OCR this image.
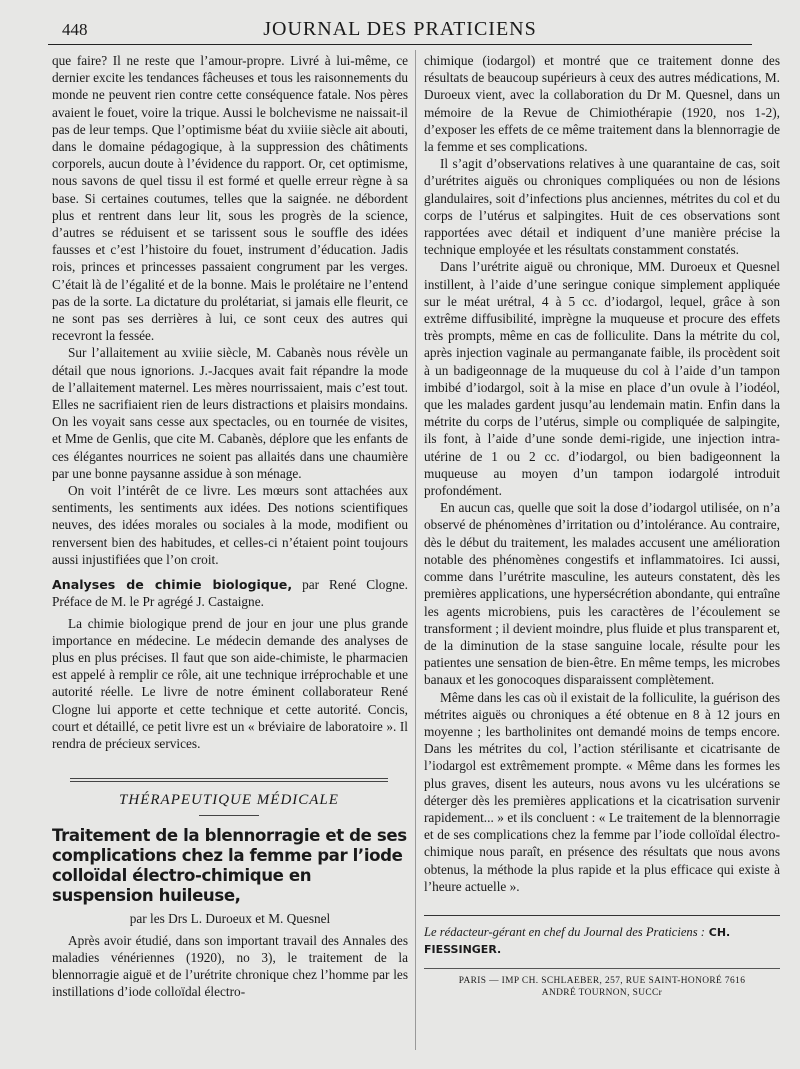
448	JOURNAL DES PRATICIENS

que faire? Il ne reste que l’amour-propre. Livré à lui-même, ce dernier excite les tendances fâcheuses et tous les raisonnements du monde ne peuvent rien contre cette conséquence fatale. Nos pères avaient le fouet, voire la trique. Aussi le bolchevisme ne naissait-il pas de leur temps. Que l’optimisme béat du xviiie siècle ait abouti, dans le domaine pédagogique, à la suppression des châtiments corporels, aucun doute à l’évidence du rapport. Or, cet optimisme, nous savons de quel tissu il est formé et quelle erreur règne à sa base. Si certaines coutumes, telles que la saignée. ne débordent plus et rentrent dans leur lit, sous les progrès de la science, d’autres se réduisent et se tarissent sous le souffle des idées fausses et c’est l’histoire du fouet, instrument d’éducation. Jadis rois, princes et princesses passaient congrument par les verges. C’était là de l’égalité et de la bonne. Mais le prolétaire ne l’entend pas de la sorte. La dictature du prolétariat, si jamais elle fleurit, ce ne sont pas ses derrières à lui, ce sont ceux des autres qui recevront la fessée.

Sur l’allaitement au xviiie siècle, M. Cabanès nous révèle un détail que nous ignorions. J.-Jacques avait fait répandre la mode de l’allaitement maternel. Les mères nourrissaient, mais c’est tout. Elles ne sacrifiaient rien de leurs distractions et plaisirs mondains. On les voyait sans cesse aux spectacles, ou en tournée de visites, et Mme de Genlis, que cite M. Cabanès, déplore que les enfants de ces élégantes nourrices ne soient pas allaités dans une chaumière par une bonne paysanne assidue à son ménage.

On voit l’intérêt de ce livre. Les mœurs sont attachées aux sentiments, les sentiments aux idées. Des notions scientifiques neuves, des idées morales ou sociales à la mode, modifient ou renversent bien des habitudes, et celles-ci n’étaient point toujours aussi injustifiées que l’on croit.

Analyses de chimie biologique, par René Clogne. Préface de M. le Pr agrégé J. Castaigne.

La chimie biologique prend de jour en jour une plus grande importance en médecine. Le médecin demande des analyses de plus en plus précises. Il faut que son aide-chimiste, le pharmacien est appelé à remplir ce rôle, ait une technique irréprochable et une autorité réelle. Le livre de notre éminent collaborateur René Clogne lui apporte et cette technique et cette autorité. Concis, court et détaillé, ce petit livre est un « bréviaire de laboratoire ». Il rendra de précieux services.

THÉRAPEUTIQUE MÉDICALE
Traitement de la blennorragie et de ses complications chez la femme par l’iode colloïdal électro-chimique en suspension huileuse,

par les Drs L. Duroeux et M. Quesnel

Après avoir étudié, dans son important travail des Annales des maladies vénériennes (1920), no 3), le traitement de la blennorragie aiguë et de l’urétrite chronique chez l’homme par les instillations d’iode colloïdal électro-

chimique (iodargol) et montré que ce traitement donne des résultats de beaucoup supérieurs à ceux des autres médications, M. Duroeux vient, avec la collaboration du Dr M. Quesnel, dans un mémoire de la Revue de Chimiothérapie (1920, nos 1-2), d’exposer les effets de ce même traitement dans la blennorragie de la femme et ses complications.

Il s’agit d’observations relatives à une quarantaine de cas, soit d’urétrites aiguës ou chroniques compliquées ou non de lésions glandulaires, soit d’infections plus anciennes, métrites du col et du corps de l’utérus et salpingites. Huit de ces observations sont rapportées avec détail et indiquent d’une manière précise la technique employée et les résultats constamment constatés.

Dans l’urétrite aiguë ou chronique, MM. Duroeux et Quesnel instillent, à l’aide d’une seringue conique simplement appliquée sur le méat urétral, 4 à 5 cc. d’iodargol, lequel, grâce à son extrême diffusibilité, imprègne la muqueuse et procure des effets très prompts, même en cas de folliculite. Dans la métrite du col, après injection vaginale au permanganate faible, ils procèdent soit à un badigeonnage de la muqueuse du col à l’aide d’un tampon imbibé d’iodargol, soit à la mise en place d’un ovule à l’iodéol, que les malades gardent jusqu’au lendemain matin. Enfin dans la métrite du corps de l’utérus, simple ou compliquée de salpingite, ils font, à l’aide d’une sonde demi-rigide, une injection intra-utérine de 1 ou 2 cc. d’iodargol, ou bien badigeonnent la muqueuse au moyen d’un tampon iodargolé introduit profondément.

En aucun cas, quelle que soit la dose d’iodargol utilisée, on n’a observé de phénomènes d’irritation ou d’intolérance. Au contraire, dès le début du traitement, les malades accusent une amélioration notable des phénomènes congestifs et inflammatoires. Ici aussi, comme dans l’urétrite masculine, les auteurs constatent, dès les premières applications, une hypersécrétion abondante, qui entraîne les agents microbiens, puis les caractères de l’écoulement se transforment ; il devient moindre, plus fluide et plus transparent et, de la diminution de la stase sanguine locale, résulte pour les patientes une sensation de bien-être. En même temps, les microbes banaux et les gonocoques disparaissent complètement.

Même dans les cas où il existait de la folliculite, la guérison des métrites aiguës ou chroniques a été obtenue en 8 à 12 jours en moyenne ; les bartholinites ont demandé moins de temps encore. Dans les métrites du col, l’action stérilisante et cicatrisante de l’iodargol est extrêmement prompte. « Même dans les formes les plus graves, disent les auteurs, nous avons vu les ulcérations se déterger dès les premières applications et la cicatrisation survenir rapidement... » et ils concluent : « Le traitement de la blennorragie et de ses complications chez la femme par l’iode colloïdal électro-chimique nous paraît, en présence des résultats que nous avons obtenus, la méthode la plus rapide et la plus efficace qui existe à l’heure actuelle ».

Le rédacteur-gérant en chef du Journal des Praticiens : CH. FIESSINGER.

PARIS — IMP CH. SCHLAEBER, 257, RUE SAINT-HONORÉ 7616
ANDRÉ TOURNON, SUCCr
